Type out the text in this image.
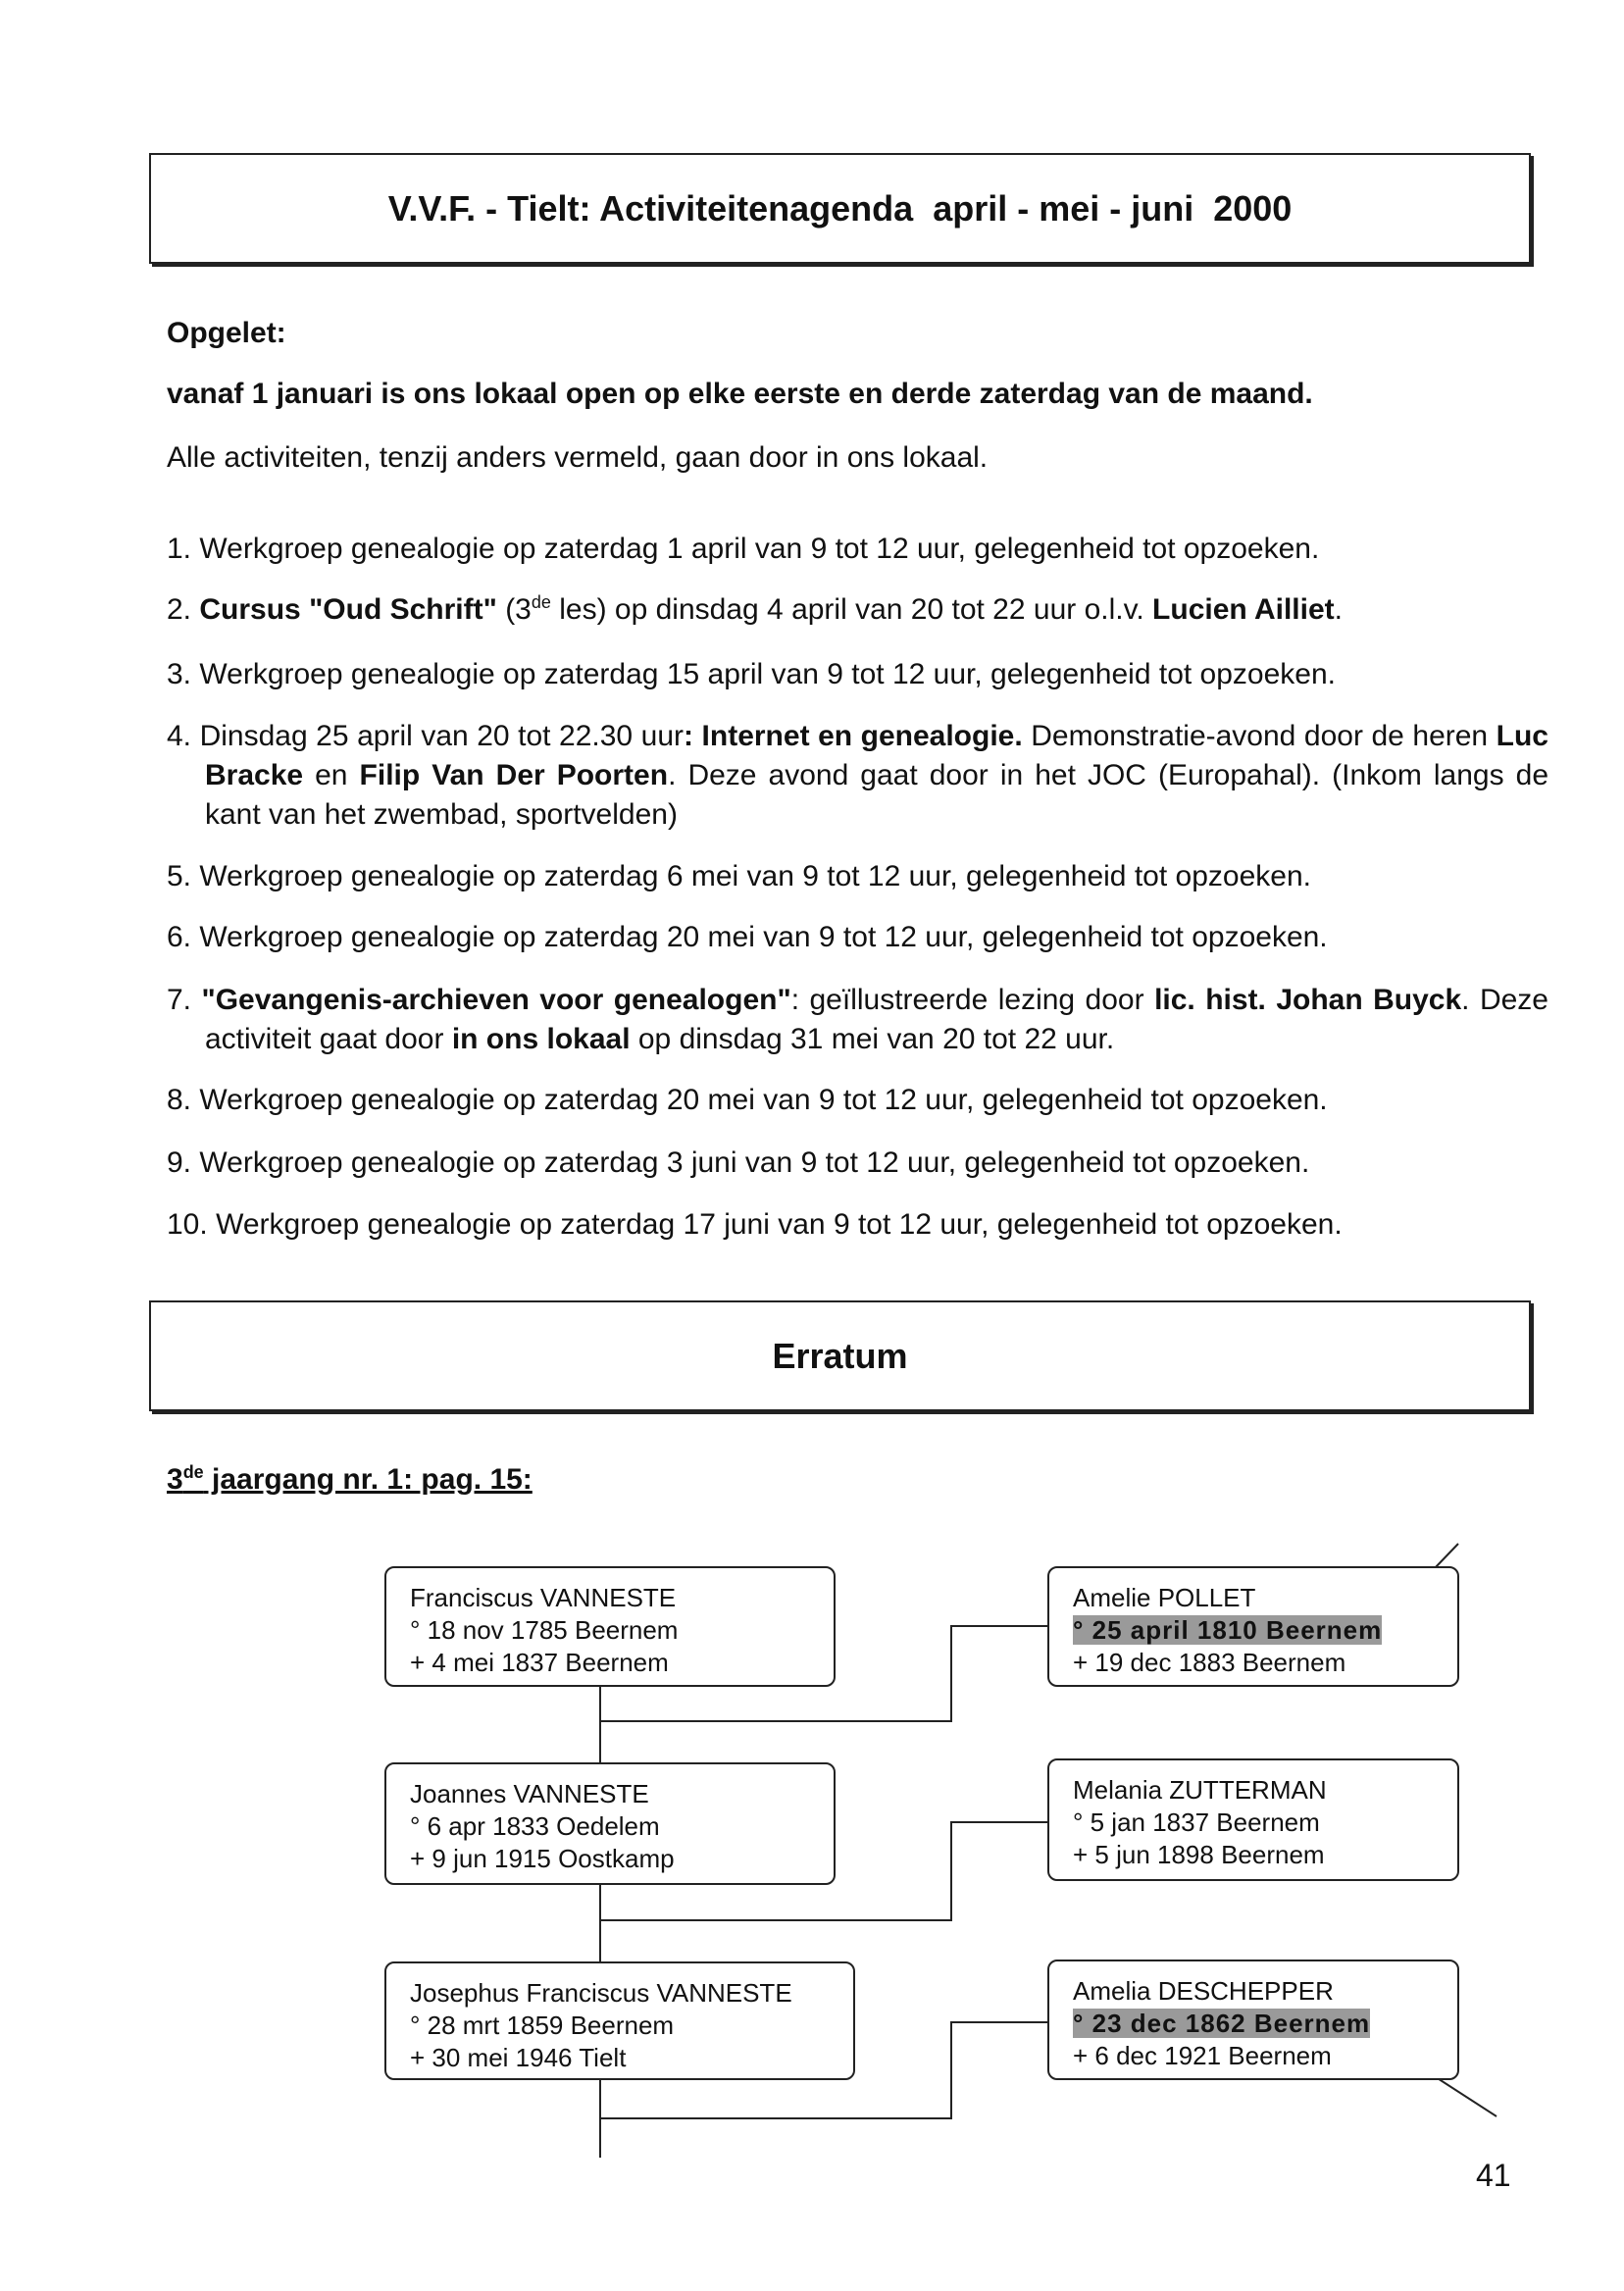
V.V.F. - Tielt: Activiteitenagenda  april - mei - juni  2000
Opgelet:
vanaf 1 januari is ons lokaal open op elke eerste en derde zaterdag van de maand.
Alle activiteiten, tenzij anders vermeld, gaan door in ons lokaal.
1. Werkgroep genealogie op zaterdag 1 april van 9 tot 12 uur, gelegenheid tot opzoeken.
2. Cursus "Oud Schrift" (3de les) op dinsdag 4 april van 20 tot 22 uur o.l.v. Lucien Ailliet.
3. Werkgroep genealogie op zaterdag 15 april van 9 tot 12 uur, gelegenheid tot opzoeken.
4. Dinsdag 25 april van 20 tot 22.30 uur: Internet en genealogie. Demonstratie-avond door de heren Luc Bracke en Filip Van Der Poorten. Deze avond gaat door in het JOC (Europahal). (Inkom langs de kant van het zwembad, sportvelden)
5. Werkgroep genealogie op zaterdag 6 mei van 9 tot 12 uur, gelegenheid tot opzoeken.
6. Werkgroep genealogie op zaterdag 20 mei van 9 tot 12 uur, gelegenheid tot opzoeken.
7. "Gevangenis-archieven voor genealogen": geïllustreerde lezing door lic. hist. Johan Buyck. Deze activiteit gaat door in ons lokaal op dinsdag 31 mei van 20 tot 22 uur.
8. Werkgroep genealogie op zaterdag 20 mei van 9 tot 12 uur, gelegenheid tot opzoeken.
9. Werkgroep genealogie op zaterdag 3 juni van 9 tot 12 uur, gelegenheid tot opzoeken.
10. Werkgroep genealogie op zaterdag 17 juni van 9 tot 12 uur, gelegenheid tot opzoeken.
Erratum
3de jaargang nr. 1: pag. 15:
Franciscus VANNESTE
° 18 nov 1785 Beernem
+ 4 mei 1837 Beernem
Amelie POLLET
° 25 april 1810 Beernem
+ 19 dec 1883 Beernem
Joannes VANNESTE
° 6 apr 1833 Oedelem
+ 9 jun 1915 Oostkamp
Melania ZUTTERMAN
° 5 jan 1837 Beernem
+ 5 jun 1898 Beernem
Josephus Franciscus VANNESTE
° 28 mrt 1859 Beernem
+ 30 mei 1946 Tielt
Amelia DESCHEPPER
° 23 dec 1862 Beernem
+ 6 dec 1921 Beernem
41
